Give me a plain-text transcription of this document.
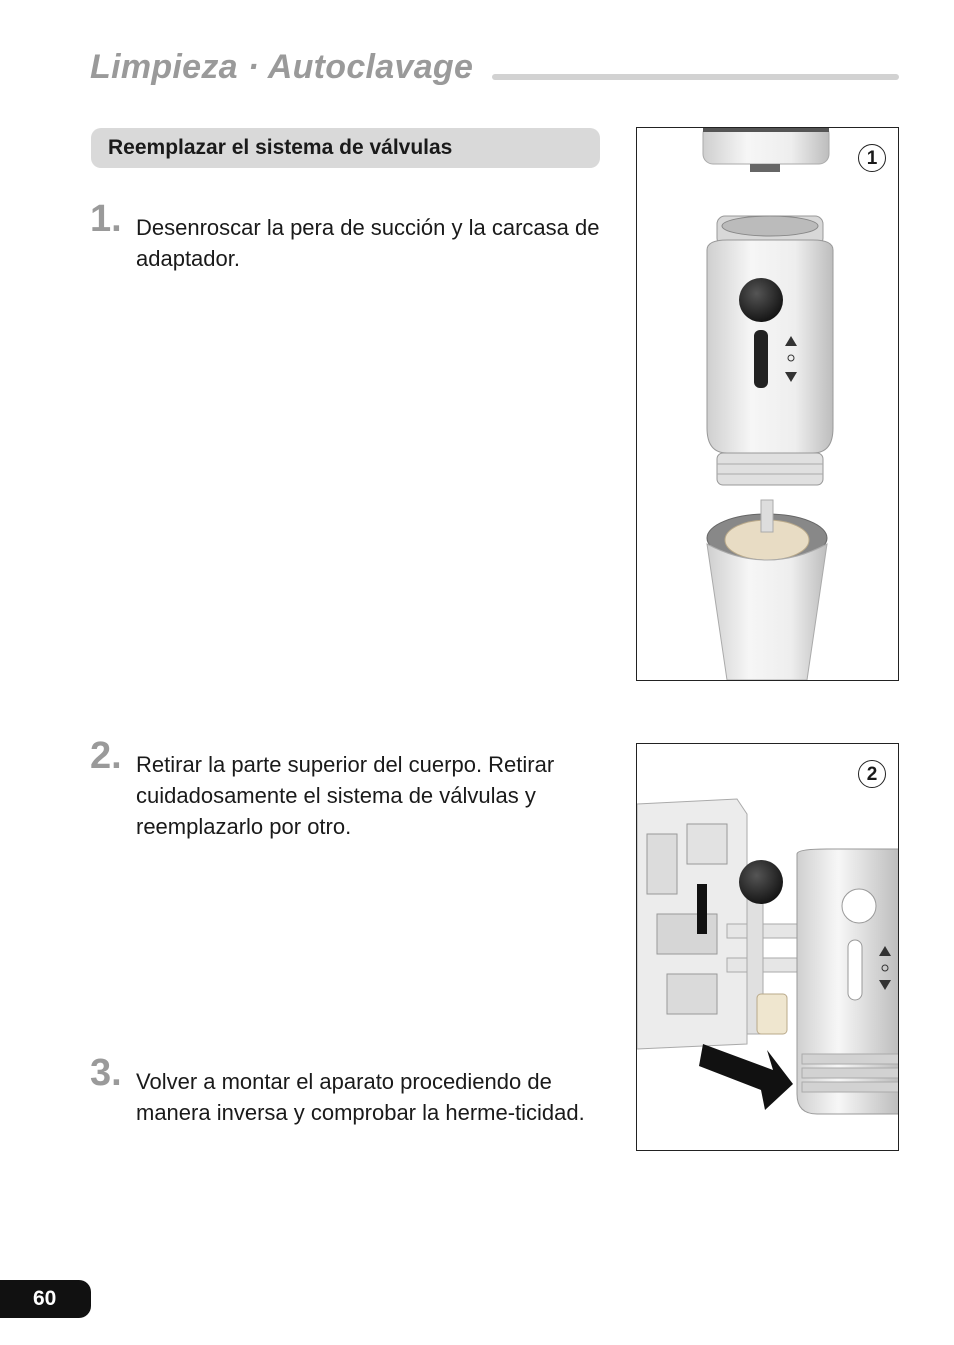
Limpieza · Autoclavage
Reemplazar el sistema de válvulas
1. Desenroscar la pera de succión y la carcasa de adaptador.
2. Retirar la parte superior del cuerpo. Retirar cuidadosamente el sistema de válvulas y reemplazarlo por otro.
3. Volver a montar el aparato procediendo de manera inversa y comprobar la herme-ticidad.
1
2
60
